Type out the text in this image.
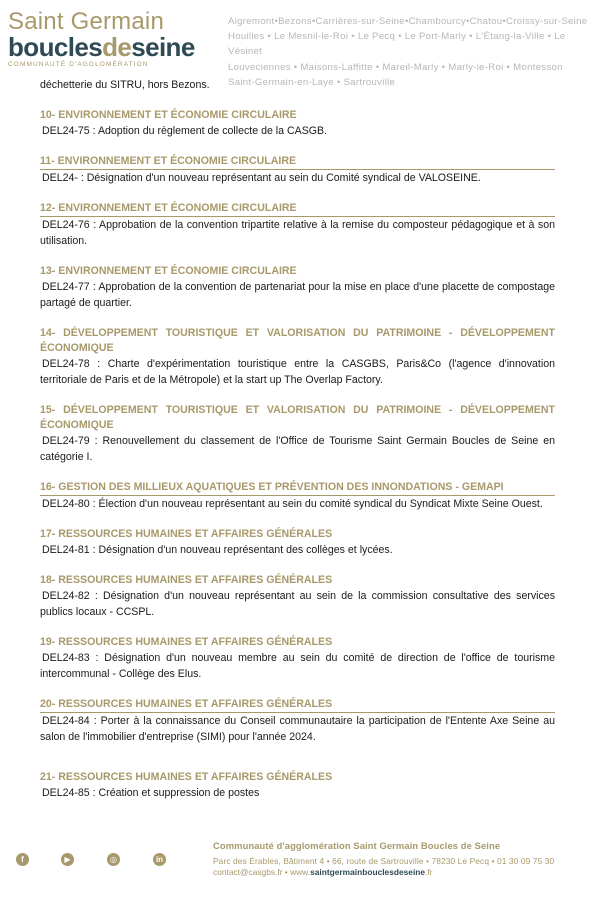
Saint Germain
bouclesdeseine
COMMUNAUTÉ D'AGGLOMÉRATION
Aigremont•Bezons•Carrières-sur-Seine•Chambourcy•Chatou•Croissy-sur-Seine
Houilles • Le Mesnil-le-Roi • Le Pecq • Le Port-Marly • L'Étang-la-Ville • Le Vésinet
Louveciennes • Maisons-Laffitte • Mareil-Marly • Marly-le-Roi • Montesson
Saint-Germain-en-Laye • Sartrouville
déchetterie du SITRU, hors Bezons.
10- ENVIRONNEMENT ET ÉCONOMIE CIRCULAIRE
DEL24-75 : Adoption du règlement de collecte de la CASGB.
11- ENVIRONNEMENT ET ÉCONOMIE CIRCULAIRE
DEL24- : Désignation d'un nouveau représentant au sein du Comité syndical de VALOSEINE.
12- ENVIRONNEMENT ET ÉCONOMIE CIRCULAIRE
DEL24-76 : Approbation de la convention tripartite relative à la remise du composteur pédagogique et à son utilisation.
13- ENVIRONNEMENT ET ÉCONOMIE CIRCULAIRE
DEL24-77 : Approbation de la convention de partenariat pour la mise en place d'une placette de compostage partagé de quartier.
14- DÉVELOPPEMENT TOURISTIQUE ET VALORISATION DU PATRIMOINE - DÉVELOPPEMENT ÉCONOMIQUE
DEL24-78 : Charte d'expérimentation touristique entre la CASGBS, Paris&Co (l'agence d'innovation territoriale de Paris et de la Métropole) et la start up The Overlap Factory.
15- DÉVELOPPEMENT TOURISTIQUE ET VALORISATION DU PATRIMOINE - DÉVELOPPEMENT ÉCONOMIQUE
DEL24-79 : Renouvellement du classement de l'Office de Tourisme Saint Germain Boucles de Seine en catégorie I.
16- GESTION DES MILLIEUX AQUATIQUES ET PRÉVENTION DES INNONDATIONS - GEMAPI
DEL24-80 : Élection d'un nouveau représentant au sein du comité syndical du Syndicat Mixte Seine Ouest.
17- RESSOURCES HUMAINES ET AFFAIRES GÉNÉRALES
DEL24-81 : Désignation d'un nouveau représentant des collèges et lycées.
18- RESSOURCES HUMAINES ET AFFAIRES GÉNÉRALES
DEL24-82 : Désignation d'un nouveau représentant au sein de la commission consultative des services publics locaux - CCSPL.
19- RESSOURCES HUMAINES ET AFFAIRES GÉNÉRALES
DEL24-83 : Désignation d'un nouveau membre au sein du comité de direction de l'office de tourisme intercommunal - Collège des Elus.
20- RESSOURCES HUMAINES ET AFFAIRES GÉNÉRALES
DEL24-84 : Porter à la connaissance du Conseil communautaire la participation de l'Entente Axe Seine au salon de l'immobilier d'entreprise (SIMI) pour l'année 2024.
21- RESSOURCES HUMAINES ET AFFAIRES GÉNÉRALES
DEL24-85 : Création et suppression de postes
f	▶	◎	in
Communauté d'agglomération Saint Germain Boucles de Seine
Parc des Érables, Bâtiment 4 • 66, route de Sartrouville • 78230 Le Pecq • 01 30 09 75 30
contact@casgbs.fr • www.saintgermainbouclesdeseine.fr
